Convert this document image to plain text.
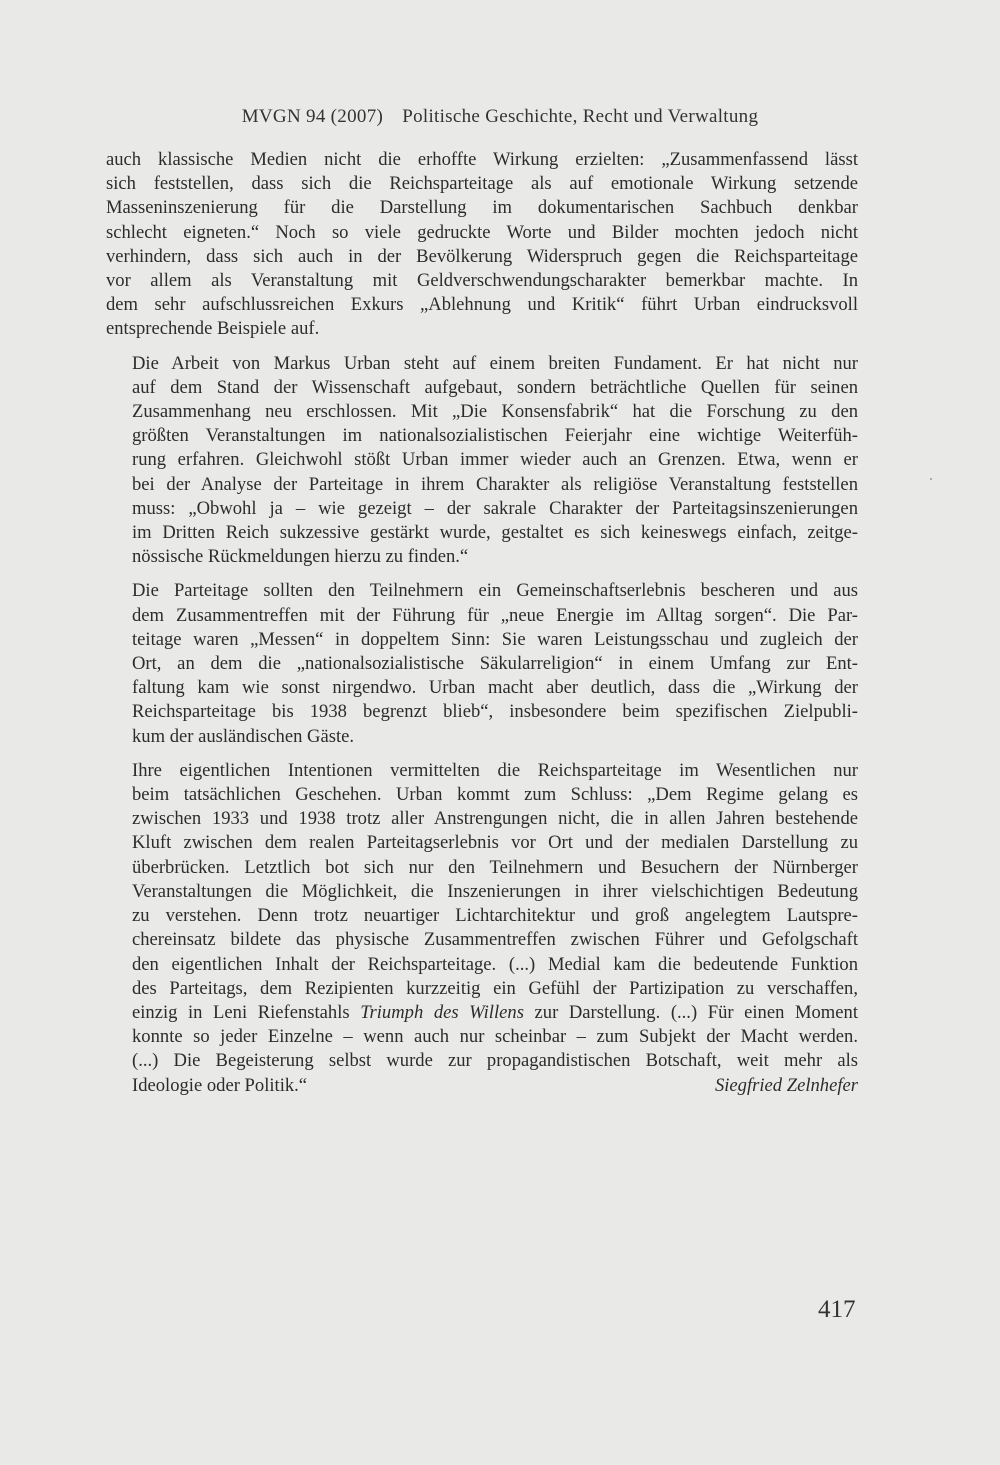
MVGN 94 (2007) Politische Geschichte, Recht und Verwaltung

auch klassische Medien nicht die erhoffte Wirkung erzielten: „Zusammenfassend lässt
sich feststellen, dass sich die Reichsparteitage als auf emotionale Wirkung setzende
Masseninszenierung für die Darstellung im dokumentarischen Sachbuch denkbar
schlecht eigneten.“ Noch so viele gedruckte Worte und Bilder mochten jedoch nicht
verhindern, dass sich auch in der Bevölkerung Widerspruch gegen die Reichsparteitage
vor allem als Veranstaltung mit Geldverschwendungscharakter bemerkbar machte. In
dem sehr aufschlussreichen Exkurs „Ablehnung und Kritik“ führt Urban eindrucksvoll
entsprechende Beispiele auf.

Die Arbeit von Markus Urban steht auf einem breiten Fundament. Er hat nicht nur
auf dem Stand der Wissenschaft aufgebaut, sondern beträchtliche Quellen für seinen
Zusammenhang neu erschlossen. Mit „Die Konsensfabrik“ hat die Forschung zu den
größten Veranstaltungen im nationalsozialistischen Feierjahr eine wichtige Weiterfüh-
rung erfahren. Gleichwohl stößt Urban immer wieder auch an Grenzen. Etwa, wenn er
bei der Analyse der Parteitage in ihrem Charakter als religiöse Veranstaltung feststellen
muss: „Obwohl ja – wie gezeigt – der sakrale Charakter der Parteitagsinszenierungen
im Dritten Reich sukzessive gestärkt wurde, gestaltet es sich keineswegs einfach, zeitge-
nössische Rückmeldungen hierzu zu finden.“

Die Parteitage sollten den Teilnehmern ein Gemeinschaftserlebnis bescheren und aus
dem Zusammentreffen mit der Führung für „neue Energie im Alltag sorgen“. Die Par-
teitage waren „Messen“ in doppeltem Sinn: Sie waren Leistungsschau und zugleich der
Ort, an dem die „nationalsozialistische Säkularreligion“ in einem Umfang zur Ent-
faltung kam wie sonst nirgendwo. Urban macht aber deutlich, dass die „Wirkung der
Reichsparteitage bis 1938 begrenzt blieb“, insbesondere beim spezifischen Zielpubli-
kum der ausländischen Gäste.

Ihre eigentlichen Intentionen vermittelten die Reichsparteitage im Wesentlichen nur
beim tatsächlichen Geschehen. Urban kommt zum Schluss: „Dem Regime gelang es
zwischen 1933 und 1938 trotz aller Anstrengungen nicht, die in allen Jahren bestehende
Kluft zwischen dem realen Parteitagserlebnis vor Ort und der medialen Darstellung zu
überbrücken. Letztlich bot sich nur den Teilnehmern und Besuchern der Nürnberger
Veranstaltungen die Möglichkeit, die Inszenierungen in ihrer vielschichtigen Bedeutung
zu verstehen. Denn trotz neuartiger Lichtarchitektur und groß angelegtem Lautspre-
chereinsatz bildete das physische Zusammentreffen zwischen Führer und Gefolgschaft
den eigentlichen Inhalt der Reichsparteitage. (...) Medial kam die bedeutende Funktion
des Parteitags, dem Rezipienten kurzzeitig ein Gefühl der Partizipation zu verschaffen,
einzig in Leni Riefenstahls Triumph des Willens zur Darstellung. (...) Für einen Moment
konnte so jeder Einzelne – wenn auch nur scheinbar – zum Subjekt der Macht werden.
(...) Die Begeisterung selbst wurde zur propagandistischen Botschaft, weit mehr als
Ideologie oder Politik.“	Siegfried Zelnhefer

417
